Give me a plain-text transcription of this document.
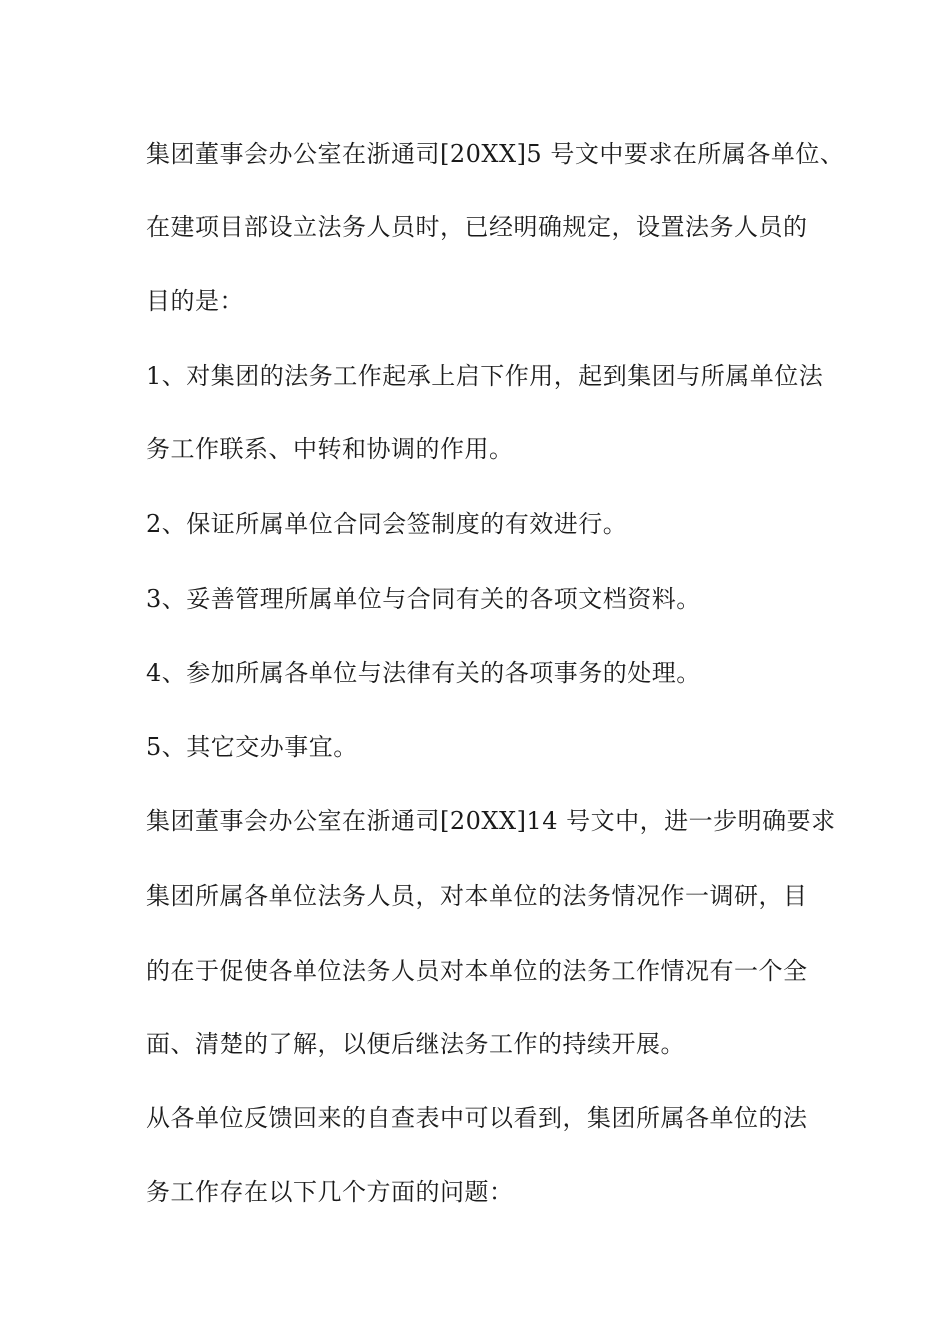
集团董事会办公室在浙通司[20XX]5 号文中要求在所属各单位、
在建项目部设立法务人员时，已经明确规定，设置法务人员的
目的是：
1、对集团的法务工作起承上启下作用，起到集团与所属单位法
务工作联系、中转和协调的作用。
2、保证所属单位合同会签制度的有效进行。
3、妥善管理所属单位与合同有关的各项文档资料。
4、参加所属各单位与法律有关的各项事务的处理。
5、其它交办事宜。
集团董事会办公室在浙通司[20XX]14 号文中，进一步明确要求
集团所属各单位法务人员，对本单位的法务情况作一调研，目
的在于促使各单位法务人员对本单位的法务工作情况有一个全
面、清楚的了解，以便后继法务工作的持续开展。
从各单位反馈回来的自查表中可以看到，集团所属各单位的法
务工作存在以下几个方面的问题：
